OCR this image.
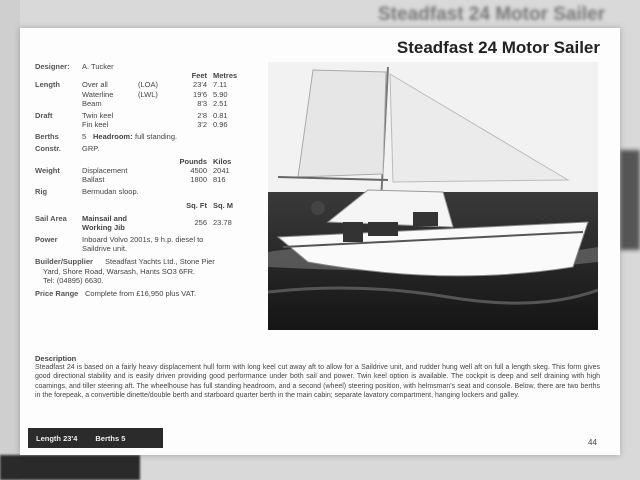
Steadfast 24 Motor Sailer
Steadfast 24 Motor Sailer
Designer: A. Tucker
Feet Metres
Length	Over all	(LOA)	23'4 7.11
Waterline	(LWL)	19'6 5.90
Beam	8'3 2.51
Draft	Twin keel	2'8 0.81
Fin keel	3'2 0.96
Berths	5 Headroom: full standing.
Constr.	GRP.
Pounds Kilos
Weight	Displacement	4500 2041
Ballast	1800 816
Rig	Bermudan sloop.
Sq. Ft Sq. M
Sail Area Mainsail and	256 23.78
Working Jib
Power	Inboard Volvo 2001s, 9 h.p. diesel to
Saildrive unit.
Builder/Supplier Steadfast Yachts Ltd., Stone Pier
Yard, Shore Road, Warsash, Hants SO3 6FR.
Tel: (04895) 6630.
Price Range Complete from £16,950 plus VAT.
Description
Steadfast 24 is based on a fairly heavy displacement hull form with long keel cut away aft to allow for a Saildrive unit, and rudder hung well aft on full a length skeg. This form gives good directional stability and is easily driven providing good performance under both sail and power. Twin keel option is available. The cockpit is deep and self draining with high coamings, and tiller steering aft. The wheelhouse has full standing headroom, and a second (wheel) steering position, with helmsman's seat and console. Below, there are two berths in the forepeak, a convertible dinette/double berth and starboard quarter berth in the main cabin; separate lavatory compartment, hanging lockers and galley.
Length 23'4 Berths 5	44
